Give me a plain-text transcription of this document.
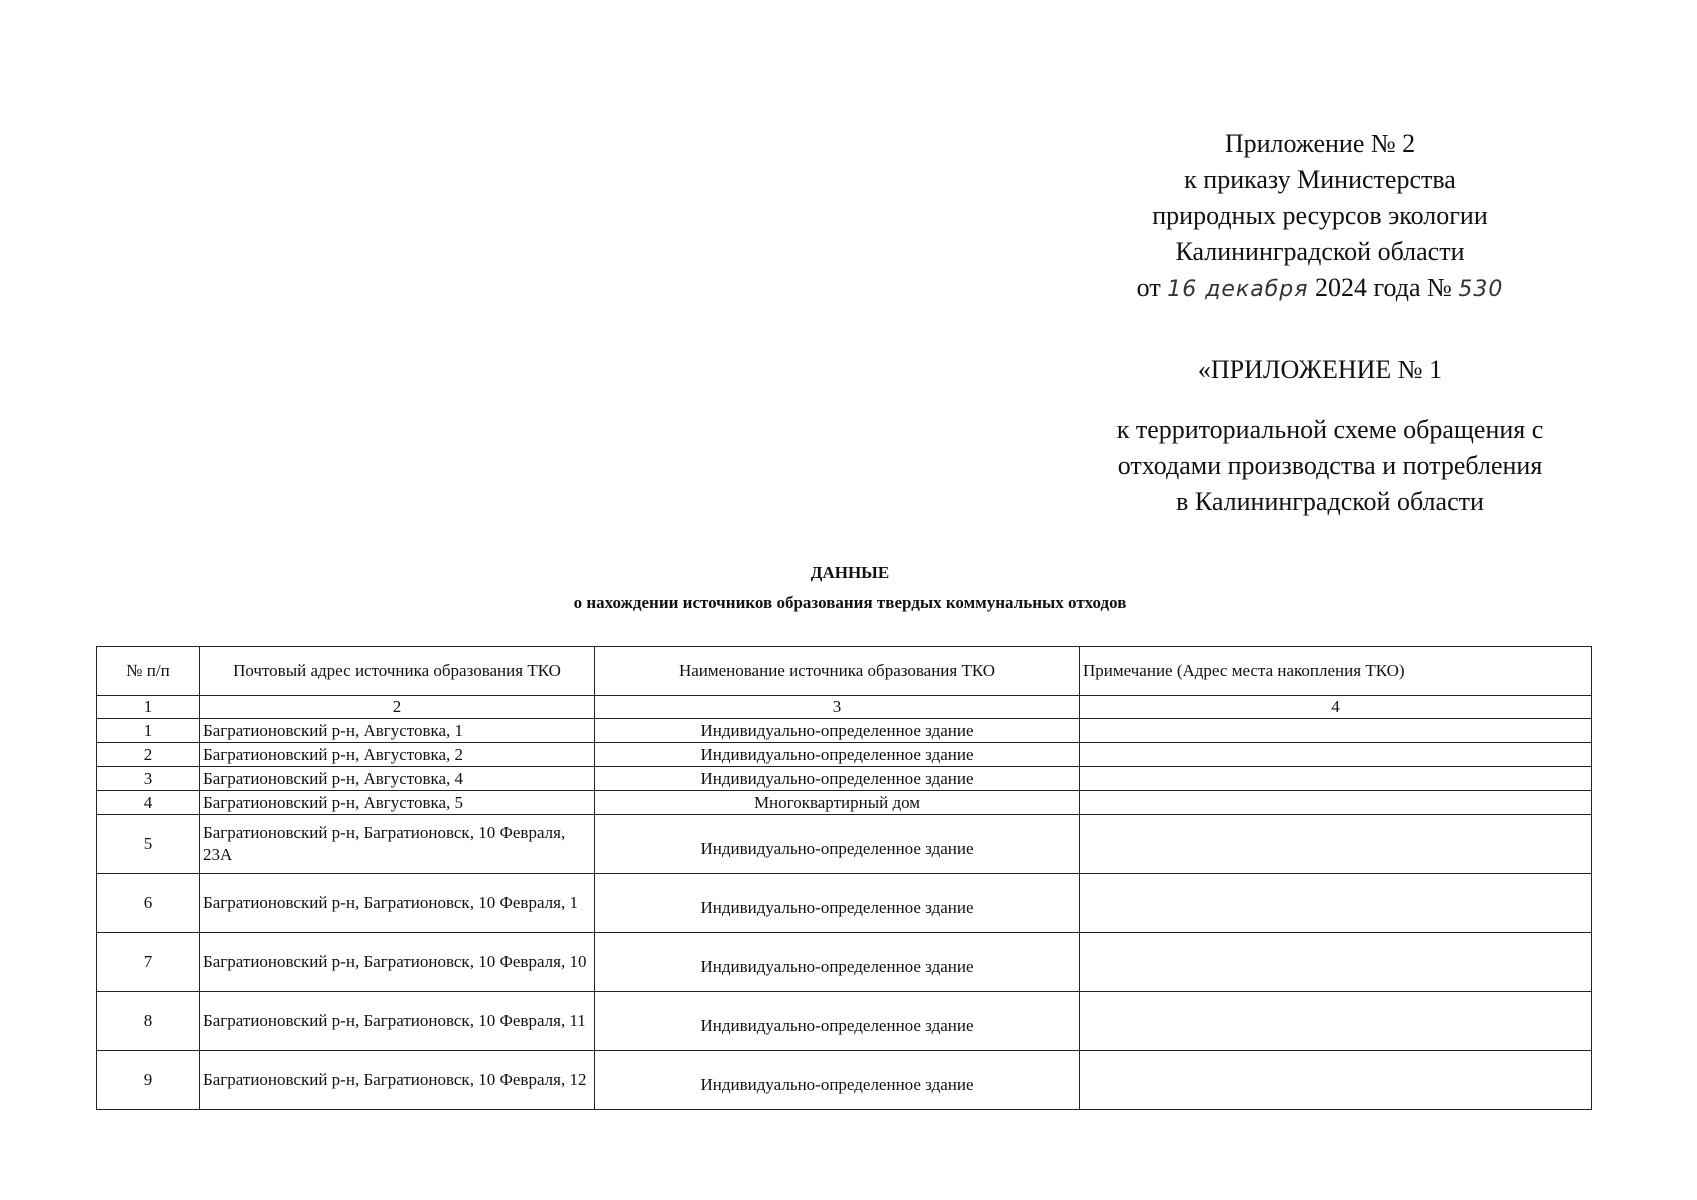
Приложение № 2
к приказу Министерства
природных ресурсов экологии
Калининградской области
от 16 декабря 2024 года № 530
«ПРИЛОЖЕНИЕ № 1
к территориальной схеме обращения с
отходами производства и потребления
в Калининградской области
ДАННЫЕ
о нахождении источников образования твердых коммунальных отходов
№ п/п	Почтовый адрес источника образования ТКО	Наименование источника образования ТКО	Примечание (Адрес места накопления ТКО)
1	2	3	4
1	Багратионовский р-н, Августовка, 1	Индивидуально-определенное здание	
2	Багратионовский р-н, Августовка, 2	Индивидуально-определенное здание	
3	Багратионовский р-н, Августовка, 4	Индивидуально-определенное здание	
4	Багратионовский р-н, Августовка, 5	Многоквартирный дом	
5	Багратионовский р-н, Багратионовск, 10 Февраля, 23А	Индивидуально-определенное здание	
6	Багратионовский р-н, Багратионовск, 10 Февраля, 1	Индивидуально-определенное здание	
7	Багратионовский р-н, Багратионовск, 10 Февраля, 10	Индивидуально-определенное здание	
8	Багратионовский р-н, Багратионовск, 10 Февраля, 11	Индивидуально-определенное здание	
9	Багратионовский р-н, Багратионовск, 10 Февраля, 12	Индивидуально-определенное здание	
